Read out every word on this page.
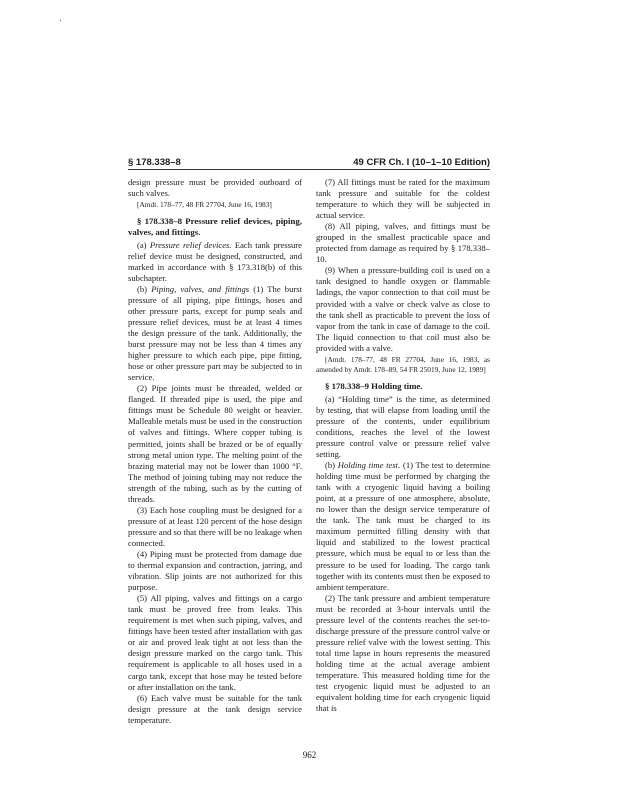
§ 178.338–8	49 CFR Ch. I (10–1–10 Edition)

design pressure must be provided outboard of such valves.

[Amdt. 178–77, 48 FR 27704, June 16, 1983]

§ 178.338–8 Pressure relief devices, piping, valves, and fittings.

(a) Pressure relief devices. Each tank pressure relief device must be designed, constructed, and marked in accordance with § 173.318(b) of this subchapter.

(b) Piping, valves, and fittings (1) The burst pressure of all piping, pipe fittings, hoses and other pressure parts, except for pump seals and pressure relief devices, must be at least 4 times the design pressure of the tank. Additionally, the burst pressure may not be less than 4 times any higher pressure to which each pipe, pipe fitting, hose or other pressure part may be subjected to in service.

(2) Pipe joints must be threaded, welded or flanged. If threaded pipe is used, the pipe and fittings must be Schedule 80 weight or heavier. Malleable metals must be used in the construction of valves and fittings. Where copper tubing is permitted, joints shall be brazed or be of equally strong metal union type. The melting point of the brazing material may not be lower than 1000 °F. The method of joining tubing may not reduce the strength of the tubing, such as by the cutting of threads.

(3) Each hose coupling must be designed for a pressure of at least 120 percent of the hose design pressure and so that there will be no leakage when connected.

(4) Piping must be protected from damage due to thermal expansion and contraction, jarring, and vibration. Slip joints are not authorized for this purpose.

(5) All piping, valves and fittings on a cargo tank must be proved free from leaks. This requirement is met when such piping, valves, and fittings have been tested after installation with gas or air and proved leak tight at not less than the design pressure marked on the cargo tank. This requirement is applicable to all hoses used in a cargo tank, except that hose may be tested before or after installation on the tank.

(6) Each valve must be suitable for the tank design pressure at the tank design service temperature.

(7) All fittings must be rated for the maximum tank pressure and suitable for the coldest temperature to which they will be subjected in actual service.

(8) All piping, valves, and fittings must be grouped in the smallest practicable space and protected from damage as required by § 178.338–10.

(9) When a pressure-building coil is used on a tank designed to handle oxygen or flammable ladings, the vapor connection to that coil must be provided with a valve or check valve as close to the tank shell as practicable to prevent the loss of vapor from the tank in case of damage to the coil. The liquid connection to that coil must also be provided with a valve.

[Amdt. 178–77, 48 FR 27704, June 16, 1983, as amended by Amdt. 178–89, 54 FR 25019, June 12, 1989]

§ 178.338–9 Holding time.

(a) “Holding time” is the time, as determined by testing, that will elapse from loading until the pressure of the contents, under equilibrium conditions, reaches the level of the lowest pressure control valve or pressure relief valve setting.

(b) Holding time test. (1) The test to determine holding time must be performed by charging the tank with a cryogenic liquid having a boiling point, at a pressure of one atmosphere, absolute, no lower than the design service temperature of the tank. The tank must be charged to its maximum permitted filling density with that liquid and stabilized to the lowest practical pressure, which must be equal to or less than the pressure to be used for loading. The cargo tank together with its contents must then be exposed to ambient temperature.

(2) The tank pressure and ambient temperature must be recorded at 3-hour intervals until the pressure level of the contents reaches the set-to-discharge pressure of the pressure control valve or pressure relief valve with the lowest setting. This total time lapse in hours represents the measured holding time at the actual average ambient temperature. This measured holding time for the test cryogenic liquid must be adjusted to an equivalent holding time for each cryogenic liquid that is

962
